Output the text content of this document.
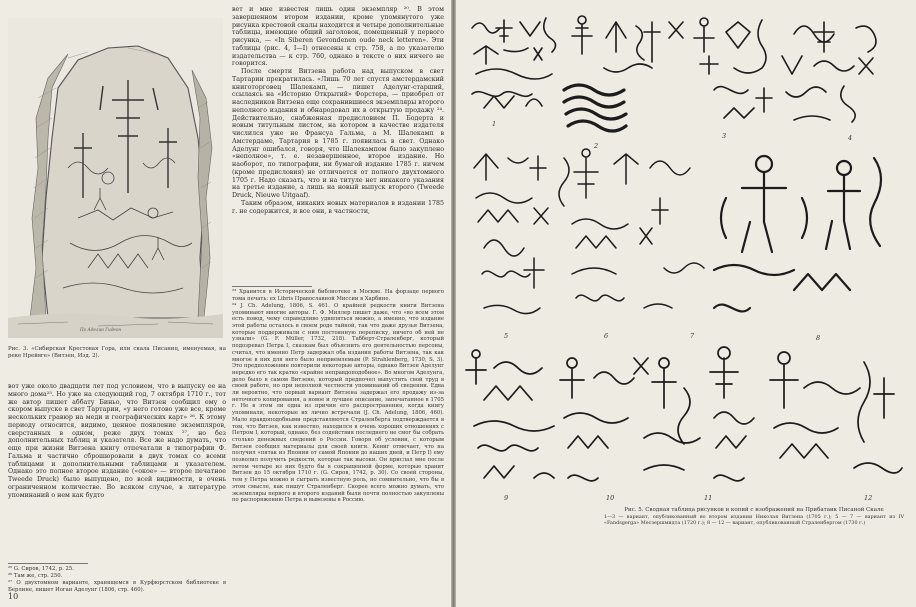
По Аделин Гидеон
Рис. 3. «Сибирская Крестовая Гора, или скала Писаниц, именуемая, на реке Нрейвге» (Витзен, Изд. 2).

вет и мне известен лишь один экземпляр ²⁰. В этом завершенном втором издании, кроме упомянутого уже рисунка крестовой скалы находится и четыре дополнительные таблицы, имеющие общий заголовок, помещенный у первого рисунка, — «In Siberen Gevondenen oude neck letteren». Эти таблицы (рис. 4, I—I) отнесены к стр. 758, а по указателю издательства — к стр. 760, однако в тексте о них ничего не говорится.

После смерти Витзена работа над выпуском в свет Тартарии прекратилась. «Лишь 70 лет спустя амстердамский книготорговец Шалекамп, — пишет Аделунг-старший, ссылаясь на «Историю Открытий» Форстера, — приобрел от наследников Витзена еще сохранившиеся экземпляры второго неполного издания и обнародовал их в открытую продажу ²⁴. Действительно, снабженная предисловием П. Бодерта и новым титульным листом, на котором в качестве издателя числился уже не Франсуа Гальма, а М. Шалекамп в Амстердаме, Тартария в 1785 г. появилась в свет. Однако Аделунг ошибался, говоря, что Шалекампом было закуплено «неполное», т. е. незавершенное, второе издание. Но наоборот, по типографии, ни бумагой издание 1785 г. ничем (кроме предисловия) не отличается от полного двухтомного 1705 г. Надо сказать, что и на титуле нет никакого указания на третье издание, а лишь на новый выпуск второго (Tweede Druck, Nieuwe Uitgaaf).

Таким образом, никаких новых материалов в издании 1785 г. не содержится, и все они, в частности,

²³ Хранится в Исторической библиотеке в Москве. На форзаце первого тома печать: ex Libris Православной Миссии в Харбине.

²⁴ J. Ch. Adelung, 1806, S. 461. О крайней редкости книги Витзена упоминают многие авторы. Г. Ф. Миллер пишет даже, что «во всем этом есть повод, чему справедливо удивляться можно, а именно, что издание этой работы осталось в своем роде тайной, так что даже друзья Витзена, которые поддерживали с ним постоянную переписку, ничего об ней не узнали» (G. F. Müller, 1732, 218). Табберт-Страленберг, который подозревал Петра I, сказкам был объяснить его деятельностью персоны, считал, что именно Петр задержал оба издания работы Витзена, так как многое в них для него было неприемлемым (P. Strahlenberg, 1730, S. 3). Это предположение повторили некоторые авторы, однако Витзен Аделунг нередко его так кратко «крайне неправдоподобное». Во многом Аделунга, дело было в самом Витзене, который предпочел выпустить свой труд в своей работе, но при неполной честности упоминаний об сведении. Едва ли вероятно, что первый вариант Витзена задержал его продажу из-за неточного копирования, а новое и лучшее описание, запечатанное в 1705 г. Не в этом ли одна из причин его распространения, когда книгу упоминали, некоторые их лично встречали (J. Ch. Adelung, 1806, 460). Мало правдоподобными представляются Страленберга подтверждается в том, что Витзен, как известно, находился в очень хороших отношениях с Петром I, который, однако, без содействия последнего не смог бы собрать столько денежных сведений о России. Говоря об условии, с которым Витзен сообщил материалы для своей книги. Кениг отмечает, что на получил «пятак из Японии от самой Японии до наших дней, и Петр I) ему позволил получить редкости, которые так высоки. Он прислал мне после летом четыре из них будто бы в сокращенной форме, которые хранит Витзен до 15 октября 1710 г. (G. Сиров, 1742, p. 30). Со своей стороны, тем у Петра можно и сыграть известную роль, но сомнительно, что бы в этом смысле, как пишут Страленберг. Скорее всего можно думать, что экземпляры первого и второго изданий были почти полностью закуплены по распоряжению Петра и вывезены в Россию.

вот уже около двадцати лет под условием, что в выпуску ее на много дома²⁵. Но уже на следующий год, 7 октября 1710 г., тот же автор пишет аббату Биньо, что Витзен сообщил ему о скором выпуске в свет Тартарии, «у него готово уже все, кроме нескольких гравюр на меди и географических карт» ²⁶. К этому периоду относится, видимо, ценное появление экземпляров, сверстанных в одном, реже двух томах ²⁷, но без дополнительных таблиц и указателя. Все же надо думать, что еще при жизни Витзена книгу отпечатали в типографии Ф. Гальма и частично сброшюровали в двух томах со всеми таблицами и дополнительными таблицами и указателем. Однако это полное второе издание («окое» — второе печатное Tweede Druck) было выпущено, по всей видимости, в очень ограниченном количестве. Во всяком случае, в литературе упоминаний о нем как будто

²⁵ G. Сиров, 1742, p. 25.

²⁶ Там же, стр. 250.

²⁷ О двухтомном варианте, хранящемся в Курфюрстском библиотеке в Берлине, пишет Иоган Аделунг (1806, стр. 460).

10
1
2
3	4
5	6	7	8
9	10	11	12
Рис. 5. Сводная таблица рисунков и копий с изображений на Прибатаик Писаной Скале
1—3 — вариант, опубликованный во втором издании Николая Витзена (1705 г.); 5 — 7 — вариант из IV «Fandsgerga» Месзершмидта (1720 г.); 8 — 12 — вариант, опубликованный Страленбергом (1730 г.)
